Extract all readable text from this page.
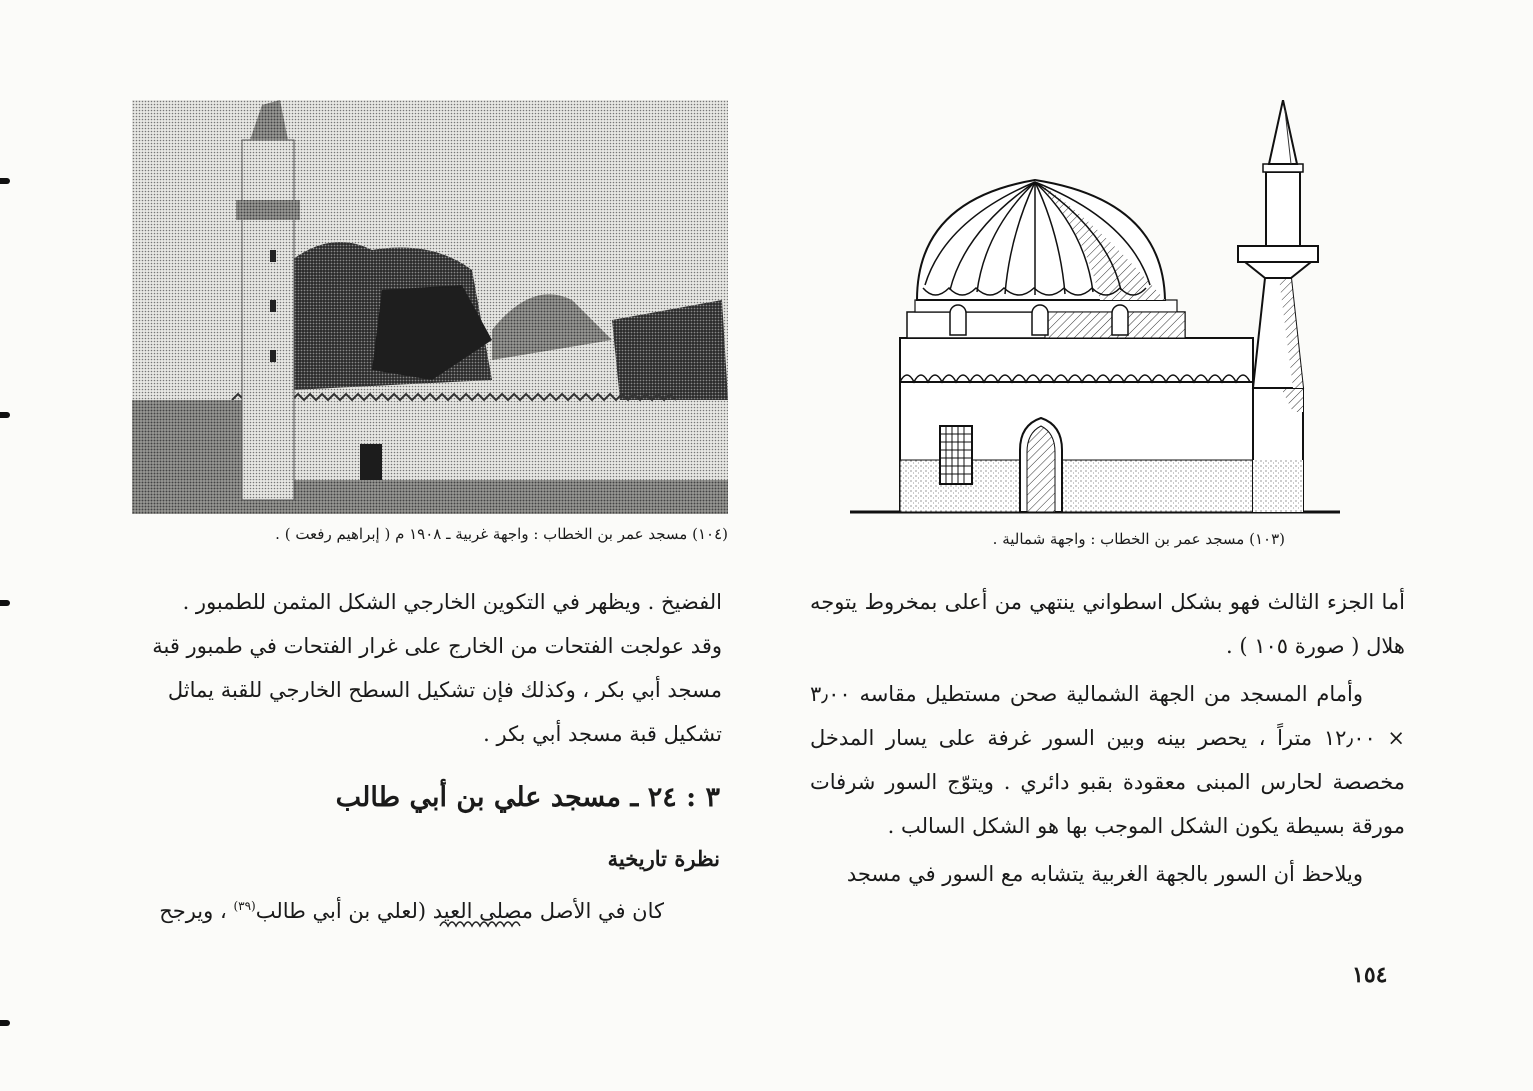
(١٠٤) مسجد عمر بن الخطاب : واجهة غربية ـ ١٩٠٨ م ( إبراهيم رفعت ) .	(١٠٣) مسجد عمر بن الخطاب : واجهة شمالية .
الفضيخ . ويظهر في التكوين الخارجي الشكل المثمن للطمبور .
وقد عولجت الفتحات من الخارج على غرار الفتحات في طمبور قبة
مسجد أبي بكر ، وكذلك فإن تشكيل السطح الخارجي للقبة يماثل
تشكيل قبة مسجد أبي بكر .
٣ : ٢٤ ـ مسجد علي بن أبي طالب
نظرة تاريخية
كان في الأصل مصلى العيد (لعلي بن أبي طالب$^{(٣٩)}$ ، ويرجح

أما الجزء الثالث فهو بشكل اسطواني ينتهي من أعلى بمخروط يتوجه هلال ( صورة ١٠٥ ) .

وأمام المسجد من الجهة الشمالية صحن مستطيل مقاسه ٣٫٠٠ × ١٢٫٠٠ متراً ، يحصر بينه وبين السور غرفة على يسار المدخل مخصصة لحارس المبنى معقودة بقبو دائري . ويتوّج السور شرفات مورقة بسيطة يكون الشكل الموجب بها هو الشكل السالب .

ويلاحظ أن السور بالجهة الغربية يتشابه مع السور في مسجد

١٥٤
